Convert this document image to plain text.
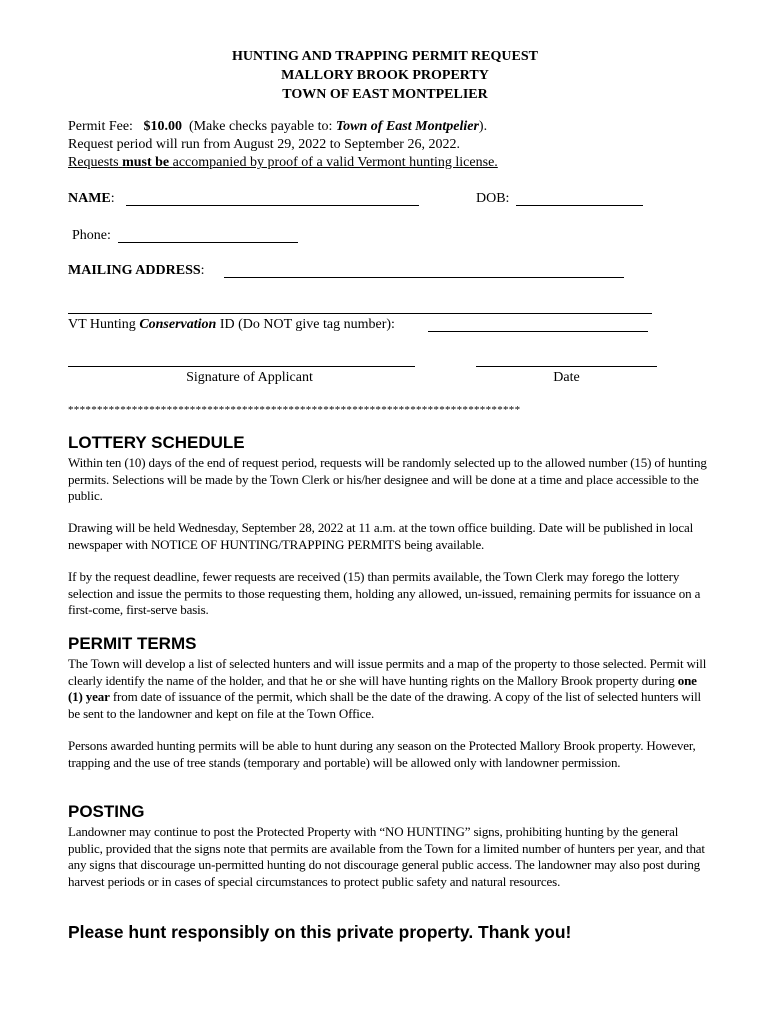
HUNTING AND TRAPPING PERMIT REQUEST
MALLORY BROOK PROPERTY
TOWN OF EAST MONTPELIER
Permit Fee: $10.00 (Make checks payable to: Town of East Montpelier).
Request period will run from August 29, 2022 to September 26, 2022.
Requests must be accompanied by proof of a valid Vermont hunting license.
NAME:	DOB:
Phone:
MAILING ADDRESS:
VT Hunting Conservation ID (Do NOT give tag number):
Signature of Applicant	Date
******************************************************************************
LOTTERY SCHEDULE
Within ten (10) days of the end of request period, requests will be randomly selected up to the allowed number (15) of hunting permits. Selections will be made by the Town Clerk or his/her designee and will be done at a time and place accessible to the public.
Drawing will be held Wednesday, September 28, 2022 at 11 a.m. at the town office building. Date will be published in local newspaper with NOTICE OF HUNTING/TRAPPING PERMITS being available.
If by the request deadline, fewer requests are received (15) than permits available, the Town Clerk may forego the lottery selection and issue the permits to those requesting them, holding any allowed, un-issued, remaining permits for issuance on a first-come, first-serve basis.
PERMIT TERMS
The Town will develop a list of selected hunters and will issue permits and a map of the property to those selected. Permit will clearly identify the name of the holder, and that he or she will have hunting rights on the Mallory Brook property during one (1) year from date of issuance of the permit, which shall be the date of the drawing. A copy of the list of selected hunters will be sent to the landowner and kept on file at the Town Office.
Persons awarded hunting permits will be able to hunt during any season on the Protected Mallory Brook property. However, trapping and the use of tree stands (temporary and portable) will be allowed only with landowner permission.
POSTING
Landowner may continue to post the Protected Property with “NO HUNTING” signs, prohibiting hunting by the general public, provided that the signs note that permits are available from the Town for a limited number of hunters per year, and that any signs that discourage un-permitted hunting do not discourage general public access. The landowner may also post during harvest periods or in cases of special circumstances to protect public safety and natural resources.
Please hunt responsibly on this private property. Thank you!
